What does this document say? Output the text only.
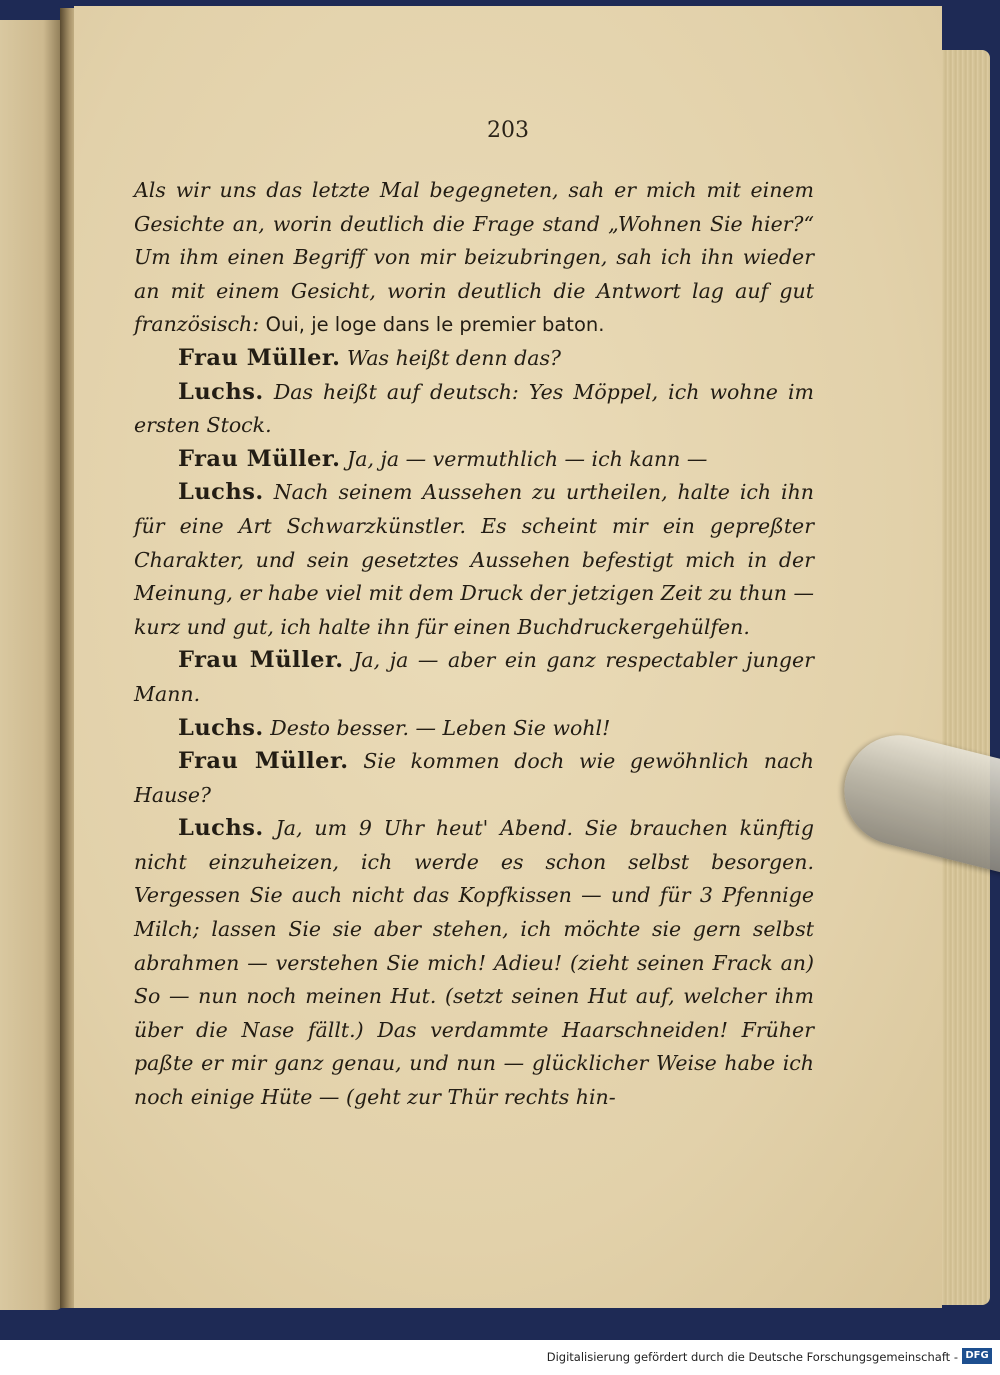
203

Als wir uns das letzte Mal begegneten, sah er mich mit einem Gesichte an, worin deutlich die Frage stand „Wohnen Sie hier?“ Um ihm einen Begriff von mir beizubringen, sah ich ihn wieder an mit einem Gesicht, worin deutlich die Antwort lag auf gut französisch: Oui, je loge dans le premier baton.

Frau Müller. Was heißt denn das?

Luchs. Das heißt auf deutsch: Yes Möppel, ich wohne im ersten Stock.

Frau Müller. Ja, ja — vermuthlich — ich kann —

Luchs. Nach seinem Aussehen zu urtheilen, halte ich ihn für eine Art Schwarzkünstler. Es scheint mir ein gepreßter Charakter, und sein gesetztes Aussehen befestigt mich in der Meinung, er habe viel mit dem Druck der jetzigen Zeit zu thun — kurz und gut, ich halte ihn für einen Buchdruckergehülfen.

Frau Müller. Ja, ja — aber ein ganz respectabler junger Mann.

Luchs. Desto besser. — Leben Sie wohl!

Frau Müller. Sie kommen doch wie gewöhnlich nach Hause?

Luchs. Ja, um 9 Uhr heut' Abend. Sie brauchen künftig nicht einzuheizen, ich werde es schon selbst besorgen. Vergessen Sie auch nicht das Kopfkissen — und für 3 Pfennige Milch; lassen Sie sie aber stehen, ich möchte sie gern selbst abrahmen — verstehen Sie mich! Adieu! (zieht seinen Frack an) So — nun noch meinen Hut. (setzt seinen Hut auf, welcher ihm über die Nase fällt.) Das verdammte Haarschneiden! Früher paßte er mir ganz genau, und nun — glücklicher Weise habe ich noch einige Hüte — (geht zur Thür rechts hin-

Digitalisierung gefördert durch die Deutsche Forschungsgemeinschaft - DFG
